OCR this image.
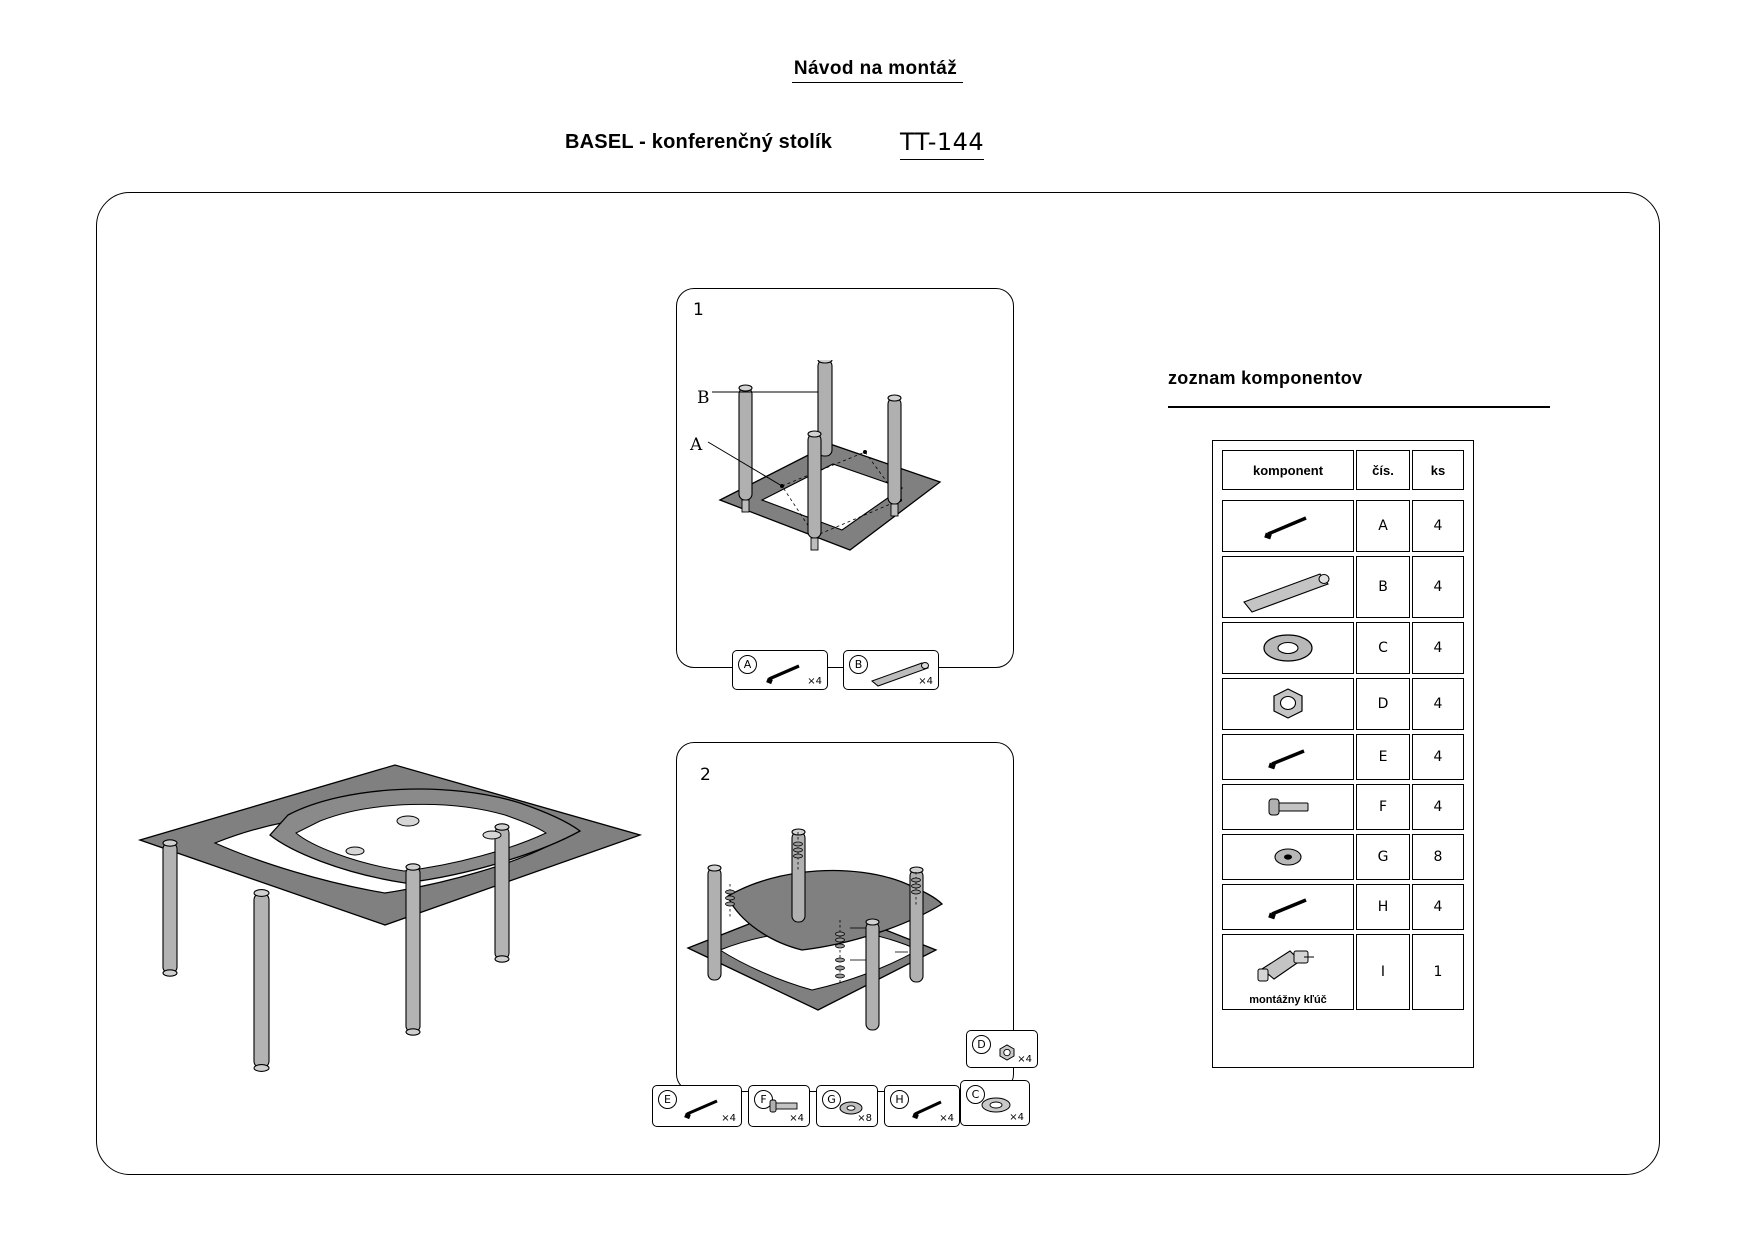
Návod na montáž
BASEL - konferenčný stolík	TT-144
1
B
A
A
×4
B
×4
2
D
×4
E
×4
F
×4
G
×8
H
×4
C
×4
zoznam komponentov
komponent	čís.	ks
A	4
B	4
C	4
D	4
E	4
F	4
G	8
H	4
montážny kľúč
I	1
